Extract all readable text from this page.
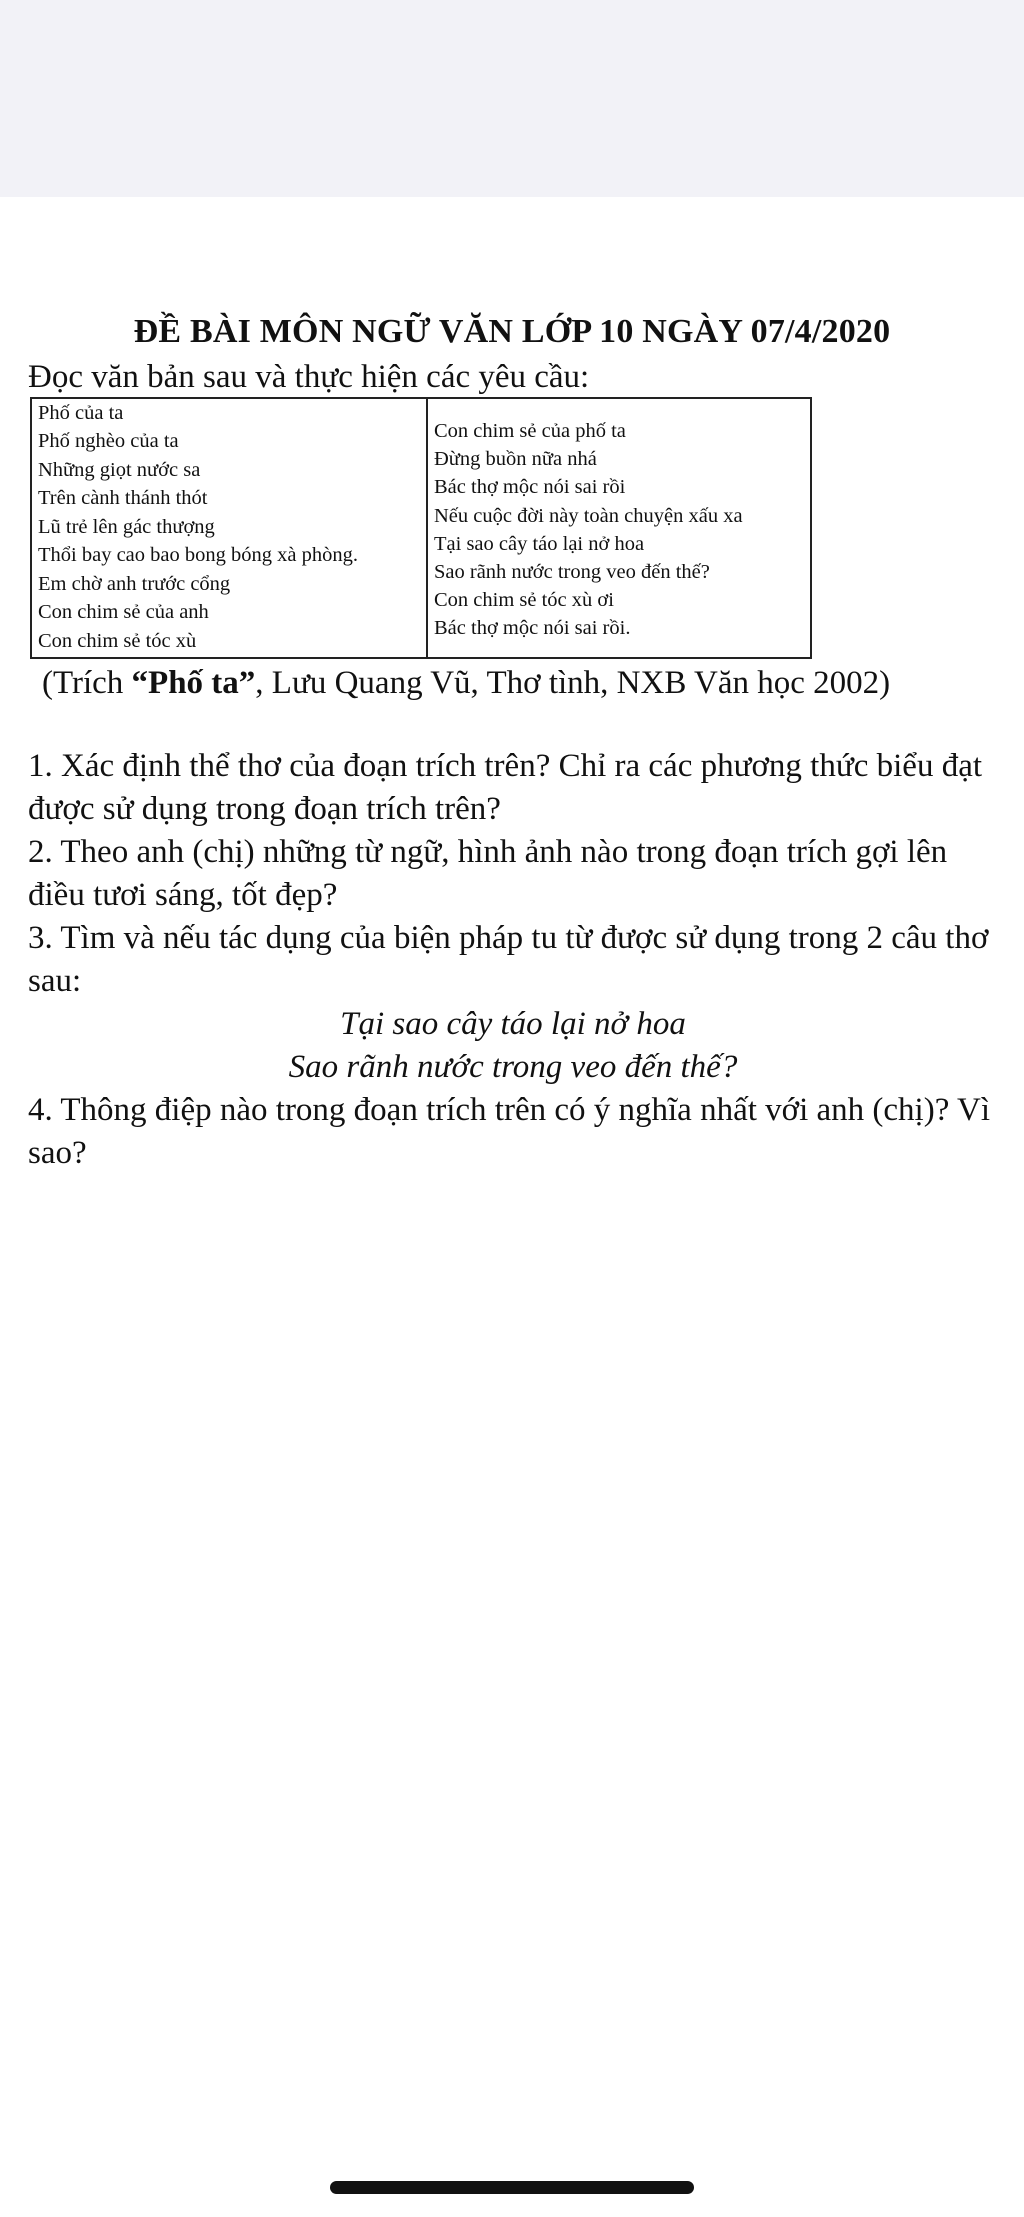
ĐỀ BÀI MÔN NGỮ VĂN LỚP 10 NGÀY 07/4/2020
Đọc văn bản sau và thực hiện các yêu cầu:
Phố của ta
Phố nghèo của ta
Những giọt nước sa
Trên cành thánh thót
Lũ trẻ lên gác thượng
Thổi bay cao bao bong bóng xà phòng.
Em chờ anh trước cổng
Con chim sẻ của anh
Con chim sẻ tóc xù
Con chim sẻ của phố ta
Đừng buồn nữa nhá
Bác thợ mộc nói sai rồi
Nếu cuộc đời này toàn chuyện xấu xa
Tại sao cây táo lại nở hoa
Sao rãnh nước trong veo đến thế?
Con chim sẻ tóc xù ơi
Bác thợ mộc nói sai rồi.
(Trích “Phố ta”, Lưu Quang Vũ, Thơ tình, NXB Văn học 2002)

1. Xác định thể thơ của đoạn trích trên? Chỉ ra các phương thức biểu đạt được sử dụng trong đoạn trích trên?

2. Theo anh (chị) những từ ngữ, hình ảnh nào trong đoạn trích gợi lên điều tươi sáng, tốt đẹp?

3. Tìm và nếu tác dụng của biện pháp tu từ được sử dụng trong 2 câu thơ sau:

Tại sao cây táo lại nở hoa

Sao rãnh nước trong veo đến thế?

4. Thông điệp nào trong đoạn trích trên có ý nghĩa nhất với anh (chị)? Vì sao?
